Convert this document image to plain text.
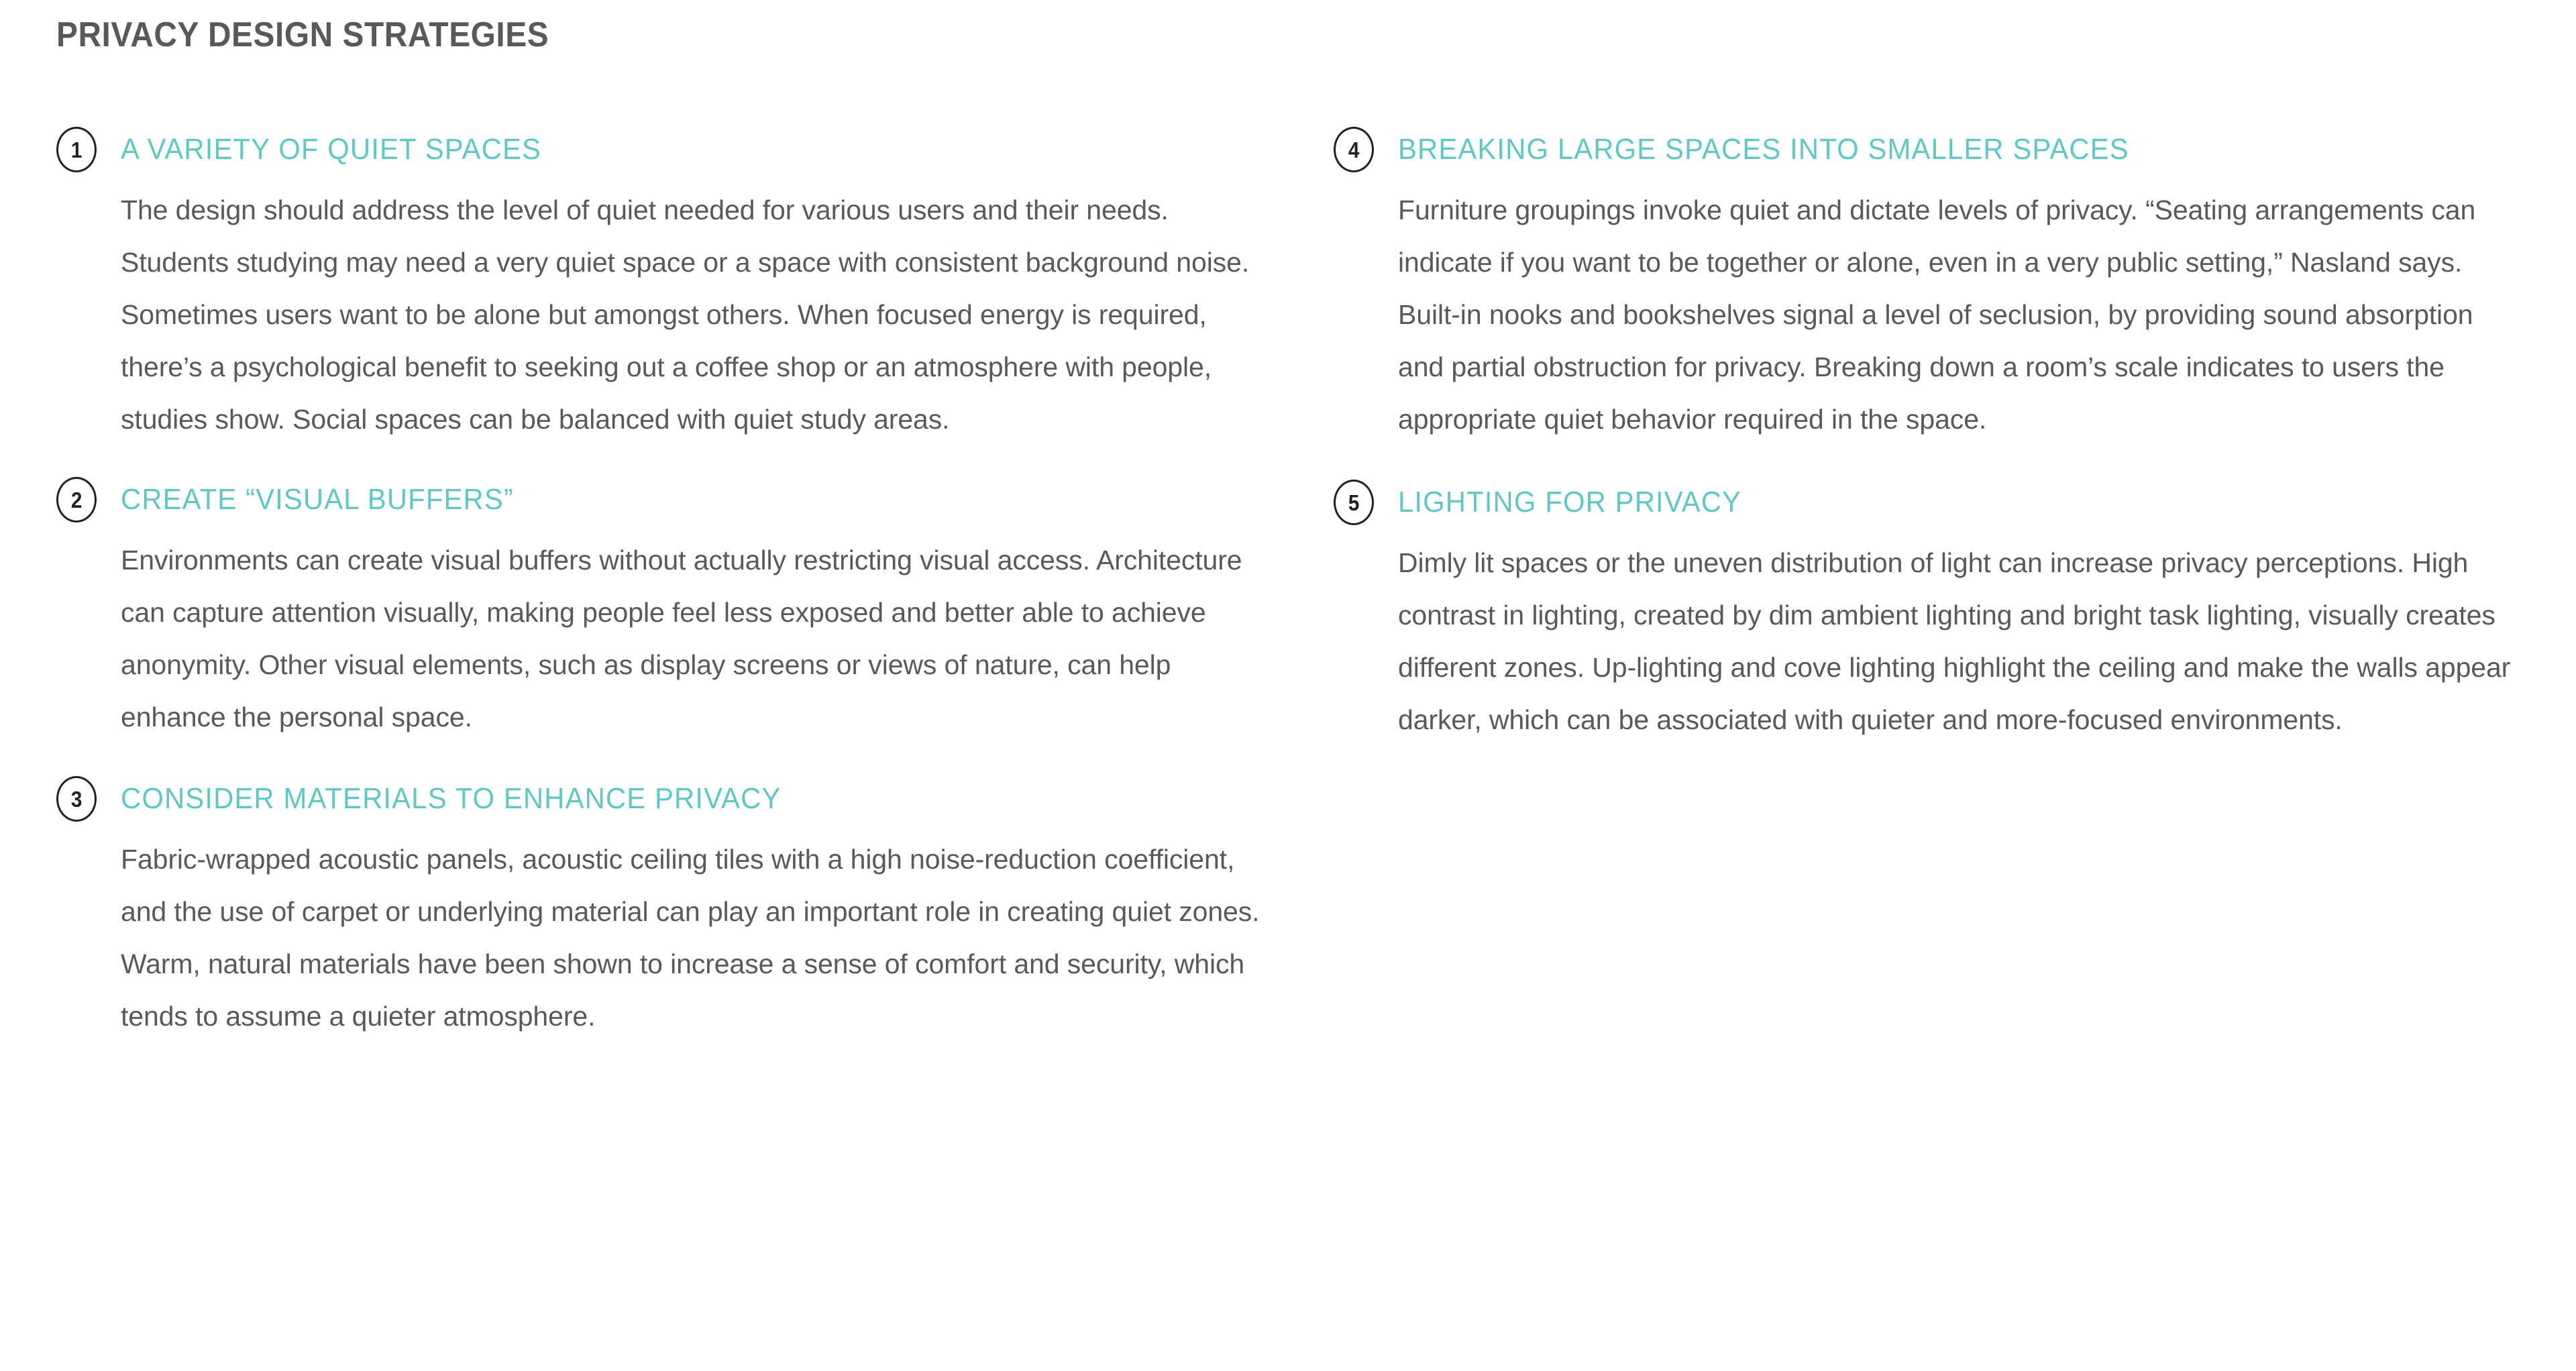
PRIVACY DESIGN STRATEGIES
1 A VARIETY OF QUIET SPACES
The design should address the level of quiet needed for various users and their needs. Students studying may need a very quiet space or a space with consistent background noise. Sometimes users want to be alone but amongst others. When focused energy is required, there’s a psychological benefit to seeking out a coffee shop or an atmosphere with people, studies show. Social spaces can be balanced with quiet study areas.
2 CREATE “VISUAL BUFFERS”
Environments can create visual buffers without actually restricting visual access. Architecture can capture attention visually, making people feel less exposed and better able to achieve anonymity. Other visual elements, such as display screens or views of nature, can help enhance the personal space.
3 CONSIDER MATERIALS TO ENHANCE PRIVACY
Fabric-wrapped acoustic panels, acoustic ceiling tiles with a high noise-reduction coefficient, and the use of carpet or underlying material can play an important role in creating quiet zones. Warm, natural materials have been shown to increase a sense of comfort and security, which tends to assume a quieter atmosphere.
4 BREAKING LARGE SPACES INTO SMALLER SPACES
Furniture groupings invoke quiet and dictate levels of privacy. “Seating arrangements can indicate if you want to be together or alone, even in a very public setting,” Nasland says. Built-in nooks and bookshelves signal a level of seclusion, by providing sound absorption and partial obstruction for privacy. Breaking down a room’s scale indicates to users the appropriate quiet behavior required in the space.
5 LIGHTING FOR PRIVACY
Dimly lit spaces or the uneven distribution of light can increase privacy perceptions. High contrast in lighting, created by dim ambient lighting and bright task lighting, visually creates different zones. Up-lighting and cove lighting highlight the ceiling and make the walls appear darker, which can be associated with quieter and more-focused environments.
